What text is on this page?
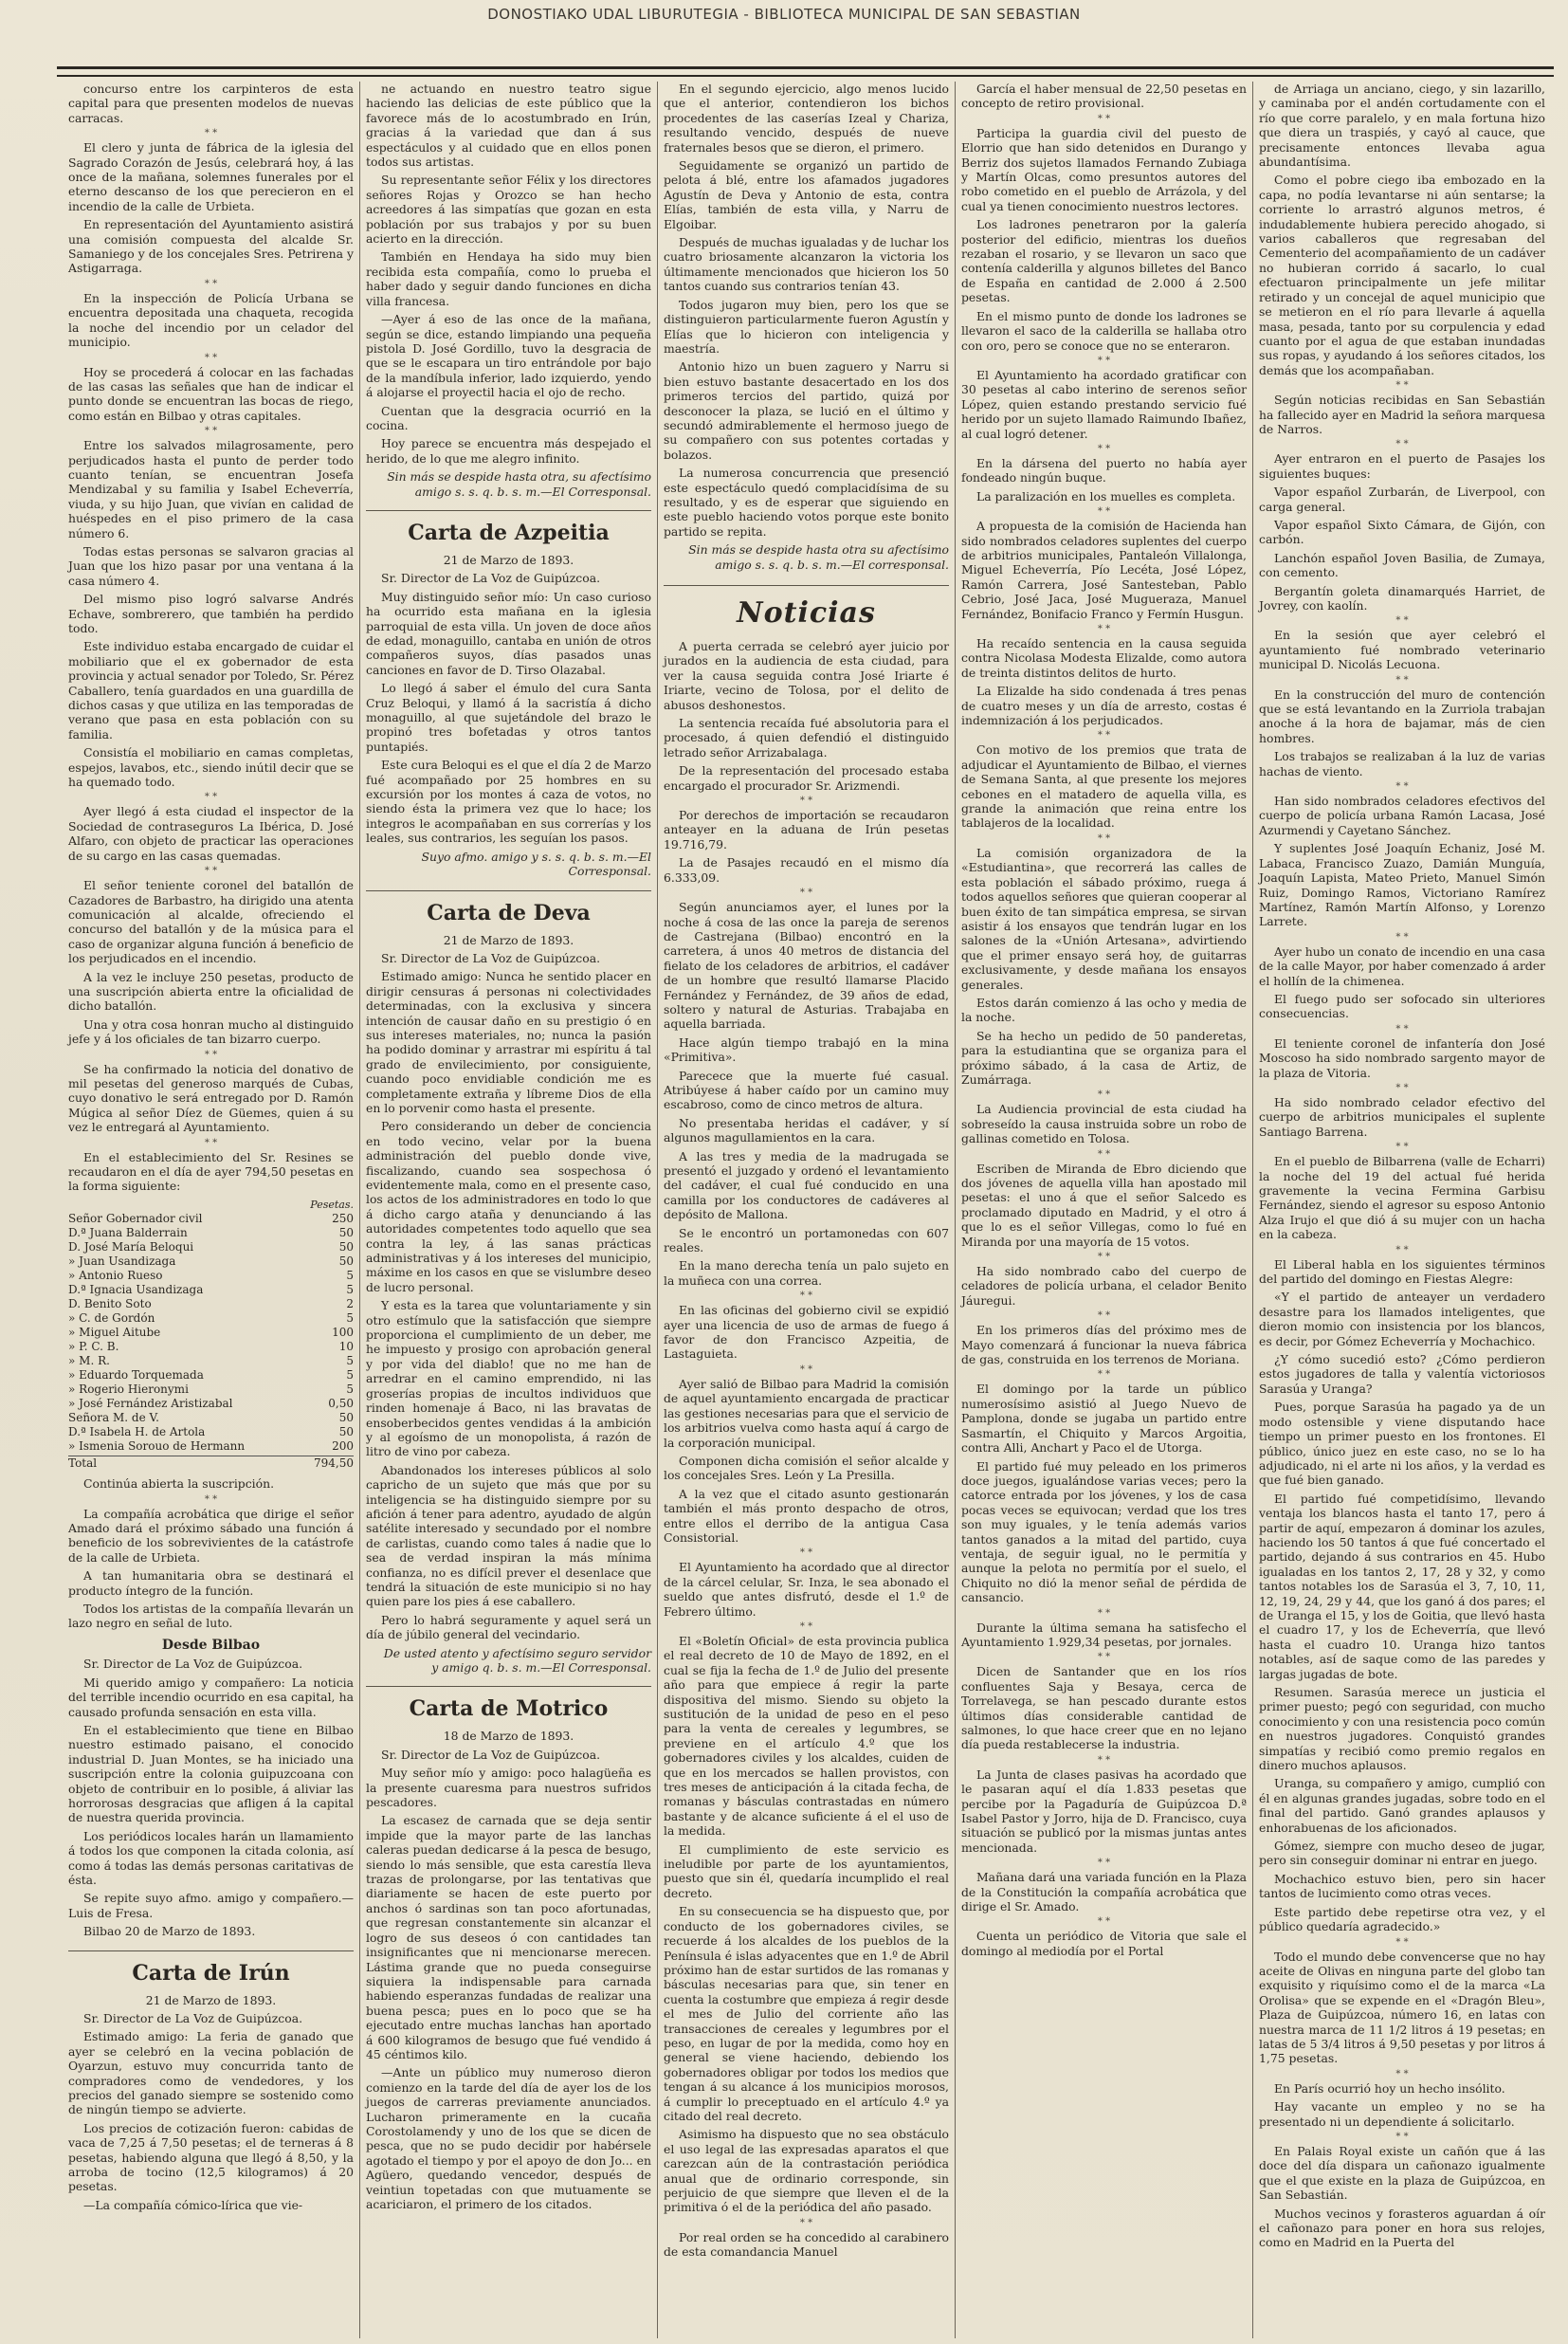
DONOSTIAKO UDAL LIBURUTEGIA - BIBLIOTECA MUNICIPAL DE SAN SEBASTIAN

concurso entre los carpinteros de esta capital para que presenten modelos de nuevas carracas.

* *

El clero y junta de fábrica de la iglesia del Sagrado Corazón de Jesús, celebrará hoy, á las once de la mañana, solemnes funerales por el eterno descanso de los que perecieron en el incendio de la calle de Urbieta.

En representación del Ayuntamiento asistirá una comisión compuesta del alcalde Sr. Samaniego y de los concejales Sres. Petrirena y Astigarraga.

* *

En la inspección de Policía Urbana se encuentra depositada una chaqueta, recogida la noche del incendio por un celador del municipio.

* *

Hoy se procederá á colocar en las fachadas de las casas las señales que han de indicar el punto donde se encuentran las bocas de riego, como están en Bilbao y otras capitales.

* *

Entre los salvados milagrosamente, pero perjudicados hasta el punto de perder todo cuanto tenían, se encuentran Josefa Mendizabal y su familia y Isabel Echeverría, viuda, y su hijo Juan, que vivían en calidad de huéspedes en el piso primero de la casa número 6.

Todas estas personas se salvaron gracias al Juan que los hizo pasar por una ventana á la casa número 4.

Del mismo piso logró salvarse Andrés Echave, sombrerero, que también ha perdido todo.

Este individuo estaba encargado de cuidar el mobiliario que el ex gobernador de esta provincia y actual senador por Toledo, Sr. Pérez Caballero, tenía guardados en una guardilla de dichos casas y que utiliza en las temporadas de verano que pasa en esta población con su familia.

Consistía el mobiliario en camas completas, espejos, lavabos, etc., siendo inútil decir que se ha quemado todo.

* *

Ayer llegó á esta ciudad el inspector de la Sociedad de contraseguros La Ibérica, D. José Alfaro, con objeto de practicar las operaciones de su cargo en las casas quemadas.

* *

El señor teniente coronel del batallón de Cazadores de Barbastro, ha dirigido una atenta comunicación al alcalde, ofreciendo el concurso del batallón y de la música para el caso de organizar alguna función á beneficio de los perjudicados en el incendio.

A la vez le incluye 250 pesetas, producto de una suscripción abierta entre la oficialidad de dicho batallón.

Una y otra cosa honran mucho al distinguido jefe y á los oficiales de tan bizarro cuerpo.

* *

Se ha confirmado la noticia del donativo de mil pesetas del generoso marqués de Cubas, cuyo donativo le será entregado por D. Ramón Múgica al señor Díez de Güemes, quien á su vez le entregará al Ayuntamiento.

* *

En el establecimiento del Sr. Resines se recaudaron en el día de ayer 794,50 pesetas en la forma siguiente:

Pesetas.
Señor Gobernador civil	250
D.ª Juana Balderrain	50
D. José María Beloqui	50
» Juan Usandizaga	50
» Antonio Rueso	5
D.ª Ignacia Usandizaga	5
D. Benito Soto	2
» C. de Gordón	5
» Miguel Aitube	100
» P. C. B.	10
» M. R.	5
» Eduardo Torquemada	5
» Rogerio Hieronymi	5
» José Fernández Aristizabal	0,50
Señora M. de V.	50
D.ª Isabela H. de Artola	50
» Ismenia Sorouo de Hermann	200
Total	794,50

Continúa abierta la suscripción.

* *

La compañía acrobática que dirige el señor Amado dará el próximo sábado una función á beneficio de los sobrevivientes de la catástrofe de la calle de Urbieta.

A tan humanitaria obra se destinará el producto íntegro de la función.

Todos los artistas de la compañía llevarán un lazo negro en señal de luto.

Desde Bilbao

Sr. Director de La Voz de Guipúzcoa.

Mi querido amigo y compañero: La noticia del terrible incendio ocurrido en esa capital, ha causado profunda sensación en esta villa.

En el establecimiento que tiene en Bilbao nuestro estimado paisano, el conocido industrial D. Juan Montes, se ha iniciado una suscripción entre la colonia guipuzcoana con objeto de contribuir en lo posible, á aliviar las horrorosas desgracias que afligen á la capital de nuestra querida provincia.

Los periódicos locales harán un llamamiento á todos los que componen la citada colonia, así como á todas las demás personas caritativas de ésta.

Se repite suyo afmo. amigo y compañero.—Luis de Fresa.

Bilbao 20 de Marzo de 1893.

Carta de Irún
21 de Marzo de 1893.

Sr. Director de La Voz de Guipúzcoa.

Estimado amigo: La feria de ganado que ayer se celebró en la vecina población de Oyarzun, estuvo muy concurrida tanto de compradores como de vendedores, y los precios del ganado siempre se sostenido como de ningún tiempo se advierte.

Los precios de cotización fueron: cabidas de vaca de 7,25 á 7,50 pesetas; el de terneras á 8 pesetas, habiendo alguna que llegó á 8,50, y la arroba de tocino (12,5 kilogramos) á 20 pesetas.

—La compañía cómico-lírica que vie-

ne actuando en nuestro teatro sigue haciendo las delicias de este público que la favorece más de lo acostumbrado en Irún, gracias á la variedad que dan á sus espectáculos y al cuidado que en ellos ponen todos sus artistas.

Su representante señor Félix y los directores señores Rojas y Orozco se han hecho acreedores á las simpatías que gozan en esta población por sus trabajos y por su buen acierto en la dirección.

También en Hendaya ha sido muy bien recibida esta compañía, como lo prueba el haber dado y seguir dando funciones en dicha villa francesa.

—Ayer á eso de las once de la mañana, según se dice, estando limpiando una pequeña pistola D. José Gordillo, tuvo la desgracia de que se le escapara un tiro entrándole por bajo de la mandíbula inferior, lado izquierdo, yendo á alojarse el proyectil hacia el ojo de recho.

Cuentan que la desgracia ocurrió en la cocina.

Hoy parece se encuentra más despejado el herido, de lo que me alegro infinito.

Sin más se despide hasta otra, su afectísimo amigo s. s. q. b. s. m.—El Corresponsal.

Carta de Azpeitia
21 de Marzo de 1893.

Sr. Director de La Voz de Guipúzcoa.

Muy distinguido señor mío: Un caso curioso ha ocurrido esta mañana en la iglesia parroquial de esta villa. Un joven de doce años de edad, monaguillo, cantaba en unión de otros compañeros suyos, días pasados unas canciones en favor de D. Tirso Olazabal.

Lo llegó á saber el émulo del cura Santa Cruz Beloqui, y llamó á la sacristía á dicho monaguillo, al que sujetándole del brazo le propinó tres bofetadas y otros tantos puntapiés.

Este cura Beloqui es el que el día 2 de Marzo fué acompañado por 25 hombres en su excursión por los montes á caza de votos, no siendo ésta la primera vez que lo hace; los integros le acompañaban en sus correrías y los leales, sus contrarios, les seguían los pasos.

Suyo afmo. amigo y s. s. q. b. s. m.—El Corresponsal.

Carta de Deva
21 de Marzo de 1893.

Sr. Director de La Voz de Guipúzcoa.

Estimado amigo: Nunca he sentido placer en dirigir censuras á personas ni colectividades determinadas, con la exclusiva y sincera intención de causar daño en su prestigio ó en sus intereses materiales, no; nunca la pasión ha podido dominar y arrastrar mi espíritu á tal grado de envilecimiento, por consiguiente, cuando poco envidiable condición me es completamente extraña y líbreme Dios de ella en lo porvenir como hasta el presente.

Pero considerando un deber de conciencia en todo vecino, velar por la buena administración del pueblo donde vive, fiscalizando, cuando sea sospechosa ó evidentemente mala, como en el presente caso, los actos de los administradores en todo lo que á dicho cargo ataña y denunciando á las autoridades competentes todo aquello que sea contra la ley, á las sanas prácticas administrativas y á los intereses del municipio, máxime en los casos en que se vislumbre deseo de lucro personal.

Y esta es la tarea que voluntariamente y sin otro estímulo que la satisfacción que siempre proporciona el cumplimiento de un deber, me he impuesto y prosigo con aprobación general y por vida del diablo! que no me han de arredrar en el camino emprendido, ni las groserías propias de incultos individuos que rinden homenaje á Baco, ni las bravatas de ensoberbecidos gentes vendidas á la ambición y al egoísmo de un monopolista, á razón de litro de vino por cabeza.

Abandonados los intereses públicos al solo capricho de un sujeto que más que por su inteligencia se ha distinguido siempre por su afición á tener para adentro, ayudado de algún satélite interesado y secundado por el nombre de carlistas, cuando como tales á nadie que lo sea de verdad inspiran la más mínima confianza, no es difícil prever el desenlace que tendrá la situación de este municipio si no hay quien pare los pies á ese caballero.

Pero lo habrá seguramente y aquel será un día de júbilo general del vecindario.

De usted atento y afectísimo seguro servidor y amigo q. b. s. m.—El Corresponsal.

Carta de Motrico
18 de Marzo de 1893.

Sr. Director de La Voz de Guipúzcoa.

Muy señor mío y amigo: poco halagüeña es la presente cuaresma para nuestros sufridos pescadores.

La escasez de carnada que se deja sentir impide que la mayor parte de las lanchas caleras puedan dedicarse á la pesca de besugo, siendo lo más sensible, que esta carestía lleva trazas de prolongarse, por las tentativas que diariamente se hacen de este puerto por anchos ó sardinas son tan poco afortunadas, que regresan constantemente sin alcanzar el logro de sus deseos ó con cantidades tan insignificantes que ni mencionarse merecen. Lástima grande que no pueda conseguirse siquiera la indispensable para carnada habiendo esperanzas fundadas de realizar una buena pesca; pues en lo poco que se ha ejecutado entre muchas lanchas han aportado á 600 kilogramos de besugo que fué vendido á 45 céntimos kilo.

—Ante un público muy numeroso dieron comienzo en la tarde del día de ayer los de los juegos de carreras previamente anunciados. Lucharon primeramente en la cucaña Corostolamendy y uno de los que se dicen de pesca, que no se pudo decidir por habérsele agotado el tiempo y por el apoyo de don Jo... en Agüero, quedando vencedor, después de veintiun topetadas con que mutuamente se acariciaron, el primero de los citados.

En el segundo ejercicio, algo menos lucido que el anterior, contendieron los bichos procedentes de las caserías Izeal y Chariza, resultando vencido, después de nueve fraternales besos que se dieron, el primero.

Seguidamente se organizó un partido de pelota á blé, entre los afamados jugadores Agustín de Deva y Antonio de esta, contra Elías, también de esta villa, y Narru de Elgoibar.

Después de muchas igualadas y de luchar los cuatro briosamente alcanzaron la victoria los últimamente mencionados que hicieron los 50 tantos cuando sus contrarios tenían 43.

Todos jugaron muy bien, pero los que se distinguieron particularmente fueron Agustín y Elías que lo hicieron con inteligencia y maestría.

Antonio hizo un buen zaguero y Narru si bien estuvo bastante desacertado en los dos primeros tercios del partido, quizá por desconocer la plaza, se lució en el último y secundó admirablemente el hermoso juego de su compañero con sus potentes cortadas y bolazos.

La numerosa concurrencia que presenció este espectáculo quedó complacidísima de su resultado, y es de esperar que siguiendo en este pueblo haciendo votos porque este bonito partido se repita.

Sin más se despide hasta otra su afectísimo amigo s. s. q. b. s. m.—El corresponsal.

Noticias

A puerta cerrada se celebró ayer juicio por jurados en la audiencia de esta ciudad, para ver la causa seguida contra José Iriarte é Iriarte, vecino de Tolosa, por el delito de abusos deshonestos.

La sentencia recaída fué absolutoria para el procesado, á quien defendió el distinguido letrado señor Arrizabalaga.

De la representación del procesado estaba encargado el procurador Sr. Arizmendi.

* *

Por derechos de importación se recaudaron anteayer en la aduana de Irún pesetas 19.716,79.

La de Pasajes recaudó en el mismo día 6.333,09.

* *

Según anunciamos ayer, el lunes por la noche á cosa de las once la pareja de serenos de Castrejana (Bilbao) encontró en la carretera, á unos 40 metros de distancia del fielato de los celadores de arbitrios, el cadáver de un hombre que resultó llamarse Placido Fernández y Fernández, de 39 años de edad, soltero y natural de Asturias. Trabajaba en aquella barriada.

Hace algún tiempo trabajó en la mina «Primitiva».

Parecece que la muerte fué casual. Atribúyese á haber caído por un camino muy escabroso, como de cinco metros de altura.

No presentaba heridas el cadáver, y sí algunos magullamientos en la cara.

A las tres y media de la madrugada se presentó el juzgado y ordenó el levantamiento del cadáver, el cual fué conducido en una camilla por los conductores de cadáveres al depósito de Mallona.

Se le encontró un portamonedas con 607 reales.

En la mano derecha tenía un palo sujeto en la muñeca con una correa.

* *

En las oficinas del gobierno civil se expidió ayer una licencia de uso de armas de fuego á favor de don Francisco Azpeitia, de Lastaguieta.

* *

Ayer salió de Bilbao para Madrid la comisión de aquel ayuntamiento encargada de practicar las gestiones necesarias para que el servicio de los arbitrios vuelva como hasta aquí á cargo de la corporación municipal.

Componen dicha comisión el señor alcalde y los concejales Sres. León y La Presilla.

A la vez que el citado asunto gestionarán también el más pronto despacho de otros, entre ellos el derribo de la antigua Casa Consistorial.

* *

El Ayuntamiento ha acordado que al director de la cárcel celular, Sr. Inza, le sea abonado el sueldo que antes disfrutó, desde el 1.º de Febrero último.

* *

El «Boletín Oficial» de esta provincia publica el real decreto de 10 de Mayo de 1892, en el cual se fija la fecha de 1.º de Julio del presente año para que empiece á regir la parte dispositiva del mismo. Siendo su objeto la sustitución de la unidad de peso en el peso para la venta de cereales y legumbres, se previene en el artículo 4.º que los gobernadores civiles y los alcaldes, cuiden de que en los mercados se hallen provistos, con tres meses de anticipación á la citada fecha, de romanas y básculas contrastadas en número bastante y de alcance suficiente á el el uso de la medida.

El cumplimiento de este servicio es ineludible por parte de los ayuntamientos, puesto que sin él, quedaría incumplido el real decreto.

En su consecuencia se ha dispuesto que, por conducto de los gobernadores civiles, se recuerde á los alcaldes de los pueblos de la Península é islas adyacentes que en 1.º de Abril próximo han de estar surtidos de las romanas y básculas necesarias para que, sin tener en cuenta la costumbre que empieza á regir desde el mes de Julio del corriente año las transacciones de cereales y legumbres por el peso, en lugar de por la medida, como hoy en general se viene haciendo, debiendo los gobernadores obligar por todos los medios que tengan á su alcance á los municipios morosos, á cumplir lo preceptuado en el artículo 4.º ya citado del real decreto.

Asimismo ha dispuesto que no sea obstáculo el uso legal de las expresadas aparatos el que carezcan aún de la contrastación periódica anual que de ordinario corresponde, sin perjuicio de que siempre que lleven el de la primitiva ó el de la periódica del año pasado.

* *

Por real orden se ha concedido al carabinero de esta comandancia Manuel

García el haber mensual de 22,50 pesetas en concepto de retiro provisional.

* *

Participa la guardia civil del puesto de Elorrio que han sido detenidos en Durango y Berriz dos sujetos llamados Fernando Zubiaga y Martín Olcas, como presuntos autores del robo cometido en el pueblo de Arrázola, y del cual ya tienen conocimiento nuestros lectores.

Los ladrones penetraron por la galería posterior del edificio, mientras los dueños rezaban el rosario, y se llevaron un saco que contenía calderilla y algunos billetes del Banco de España en cantidad de 2.000 á 2.500 pesetas.

En el mismo punto de donde los ladrones se llevaron el saco de la calderilla se hallaba otro con oro, pero se conoce que no se enteraron.

* *

El Ayuntamiento ha acordado gratificar con 30 pesetas al cabo interino de serenos señor López, quien estando prestando servicio fué herido por un sujeto llamado Raimundo Ibañez, al cual logró detener.

* *

En la dársena del puerto no había ayer fondeado ningún buque.

La paralización en los muelles es completa.

* *

A propuesta de la comisión de Hacienda han sido nombrados celadores suplentes del cuerpo de arbitrios municipales, Pantaleón Villalonga, Miguel Echeverría, Pío Lecéta, José López, Ramón Carrera, José Santesteban, Pablo Cebrio, José Jaca, José Mugueraza, Manuel Fernández, Bonifacio Franco y Fermín Husgun.

* *

Ha recaído sentencia en la causa seguida contra Nicolasa Modesta Elizalde, como autora de treinta distintos delitos de hurto.

La Elizalde ha sido condenada á tres penas de cuatro meses y un día de arresto, costas é indemnización á los perjudicados.

* *

Con motivo de los premios que trata de adjudicar el Ayuntamiento de Bilbao, el viernes de Semana Santa, al que presente los mejores cebones en el matadero de aquella villa, es grande la animación que reina entre los tablajeros de la localidad.

* *

La comisión organizadora de la «Estudiantina», que recorrerá las calles de esta población el sábado próximo, ruega á todos aquellos señores que quieran cooperar al buen éxito de tan simpática empresa, se sirvan asistir á los ensayos que tendrán lugar en los salones de la «Unión Artesana», advirtiendo que el primer ensayo será hoy, de guitarras exclusivamente, y desde mañana los ensayos generales.

Estos darán comienzo á las ocho y media de la noche.

Se ha hecho un pedido de 50 panderetas, para la estudiantina que se organiza para el próximo sábado, á la casa de Artiz, de Zumárraga.

* *

La Audiencia provincial de esta ciudad ha sobreseído la causa instruida sobre un robo de gallinas cometido en Tolosa.

* *

Escriben de Miranda de Ebro diciendo que dos jóvenes de aquella villa han apostado mil pesetas: el uno á que el señor Salcedo es proclamado diputado en Madrid, y el otro á que lo es el señor Villegas, como lo fué en Miranda por una mayoría de 15 votos.

* *

Ha sido nombrado cabo del cuerpo de celadores de policía urbana, el celador Benito Jáuregui.

* *

En los primeros días del próximo mes de Mayo comenzará á funcionar la nueva fábrica de gas, construida en los terrenos de Moriana.

* *

El domingo por la tarde un público numerosísimo asistió al Juego Nuevo de Pamplona, donde se jugaba un partido entre Sasmartín, el Chiquito y Marcos Argoitia, contra Alli, Anchart y Paco el de Utorga.

El partido fué muy peleado en los primeros doce juegos, igualándose varias veces; pero la catorce entrada por los jóvenes, y los de casa pocas veces se equivocan; verdad que los tres son muy iguales, y le tenía además varios tantos ganados a la mitad del partido, cuya ventaja, de seguir igual, no le permitía y aunque la pelota no permitía por el suelo, el Chiquito no dió la menor señal de pérdida de cansancio.

* *

Durante la última semana ha satisfecho el Ayuntamiento 1.929,34 pesetas, por jornales.

* *

Dicen de Santander que en los ríos confluentes Saja y Besaya, cerca de Torrelavega, se han pescado durante estos últimos días considerable cantidad de salmones, lo que hace creer que en no lejano día pueda restablecerse la industria.

* *

La Junta de clases pasivas ha acordado que le pasaran aquí el día 1.833 pesetas que percibe por la Pagaduría de Guipúzcoa D.ª Isabel Pastor y Jorro, hija de D. Francisco, cuya situación se publicó por la mismas juntas antes mencionada.

* *

Mañana dará una variada función en la Plaza de la Constitución la compañía acrobática que dirige el Sr. Amado.

* *

Cuenta un periódico de Vitoria que sale el domingo al mediodía por el Portal

de Arriaga un anciano, ciego, y sin lazarillo, y caminaba por el andén cortudamente con el río que corre paralelo, y en mala fortuna hizo que diera un traspiés, y cayó al cauce, que precisamente entonces llevaba agua abundantísima.

Como el pobre ciego iba embozado en la capa, no podía levantarse ni aún sentarse; la corriente lo arrastró algunos metros, é indudablemente hubiera perecido ahogado, si varios caballeros que regresaban del Cementerio del acompañamiento de un cadáver no hubieran corrido á sacarlo, lo cual efectuaron principalmente un jefe militar retirado y un concejal de aquel municipio que se metieron en el río para llevarle á aquella masa, pesada, tanto por su corpulencia y edad cuanto por el agua de que estaban inundadas sus ropas, y ayudando á los señores citados, los demás que los acompañaban.

* *

Según noticias recibidas en San Sebastián ha fallecido ayer en Madrid la señora marquesa de Narros.

* *

Ayer entraron en el puerto de Pasajes los siguientes buques:

Vapor español Zurbarán, de Liverpool, con carga general.

Vapor español Sixto Cámara, de Gijón, con carbón.

Lanchón español Joven Basilia, de Zumaya, con cemento.

Bergantín goleta dinamarqués Harriet, de Jovrey, con kaolín.

* *

En la sesión que ayer celebró el ayuntamiento fué nombrado veterinario municipal D. Nicolás Lecuona.

* *

En la construcción del muro de contención que se está levantando en la Zurriola trabajan anoche á la hora de bajamar, más de cien hombres.

Los trabajos se realizaban á la luz de varias hachas de viento.

* *

Han sido nombrados celadores efectivos del cuerpo de policía urbana Ramón Lacasa, José Azurmendi y Cayetano Sánchez.

Y suplentes José Joaquín Echaniz, José M. Labaca, Francisco Zuazo, Damián Munguía, Joaquín Lapista, Mateo Prieto, Manuel Simón Ruiz, Domingo Ramos, Victoriano Ramírez Martínez, Ramón Martín Alfonso, y Lorenzo Larrete.

* *

Ayer hubo un conato de incendio en una casa de la calle Mayor, por haber comenzado á arder el hollín de la chimenea.

El fuego pudo ser sofocado sin ulteriores consecuencias.

* *

El teniente coronel de infantería don José Moscoso ha sido nombrado sargento mayor de la plaza de Vitoria.

* *

Ha sido nombrado celador efectivo del cuerpo de arbitrios municipales el suplente Santiago Barrena.

* *

En el pueblo de Bilbarrena (valle de Echarri) la noche del 19 del actual fué herida gravemente la vecina Fermina Garbisu Fernández, siendo el agresor su esposo Antonio Alza Irujo el que dió á su mujer con un hacha en la cabeza.

* *

El Liberal habla en los siguientes términos del partido del domingo en Fiestas Alegre:

«Y el partido de anteayer un verdadero desastre para los llamados inteligentes, que dieron momio con insistencia por los blancos, es decir, por Gómez Echeverría y Mochachico.

¿Y cómo sucedió esto? ¿Cómo perdieron estos jugadores de talla y valentía victoriosos Sarasúa y Uranga?

Pues, porque Sarasúa ha pagado ya de un modo ostensible y viene disputando hace tiempo un primer puesto en los frontones. El público, único juez en este caso, no se lo ha adjudicado, ni el arte ni los años, y la verdad es que fué bien ganado.

El partido fué competidísimo, llevando ventaja los blancos hasta el tanto 17, pero á partir de aquí, empezaron á dominar los azules, haciendo los 50 tantos á que fué concertado el partido, dejando á sus contrarios en 45. Hubo igualadas en los tantos 2, 17, 28 y 32, y como tantos notables los de Sarasúa el 3, 7, 10, 11, 12, 19, 24, 29 y 44, que los ganó á dos pares; el de Uranga el 15, y los de Goitia, que llevó hasta el cuadro 17, y los de Echeverría, que llevó hasta el cuadro 10. Uranga hizo tantos notables, así de saque como de las paredes y largas jugadas de bote.

Resumen. Sarasúa merece un justicia el primer puesto; pegó con seguridad, con mucho conocimiento y con una resistencia poco común en nuestros jugadores. Conquistó grandes simpatías y recibió como premio regalos en dinero muchos aplausos.

Uranga, su compañero y amigo, cumplió con él en algunas grandes jugadas, sobre todo en el final del partido. Ganó grandes aplausos y enhorabuenas de los aficionados.

Gómez, siempre con mucho deseo de jugar, pero sin conseguir dominar ni entrar en juego.

Mochachico estuvo bien, pero sin hacer tantos de lucimiento como otras veces.

Este partido debe repetirse otra vez, y el público quedaría agradecido.»

* *

Todo el mundo debe convencerse que no hay aceite de Olivas en ninguna parte del globo tan exquisito y riquísimo como el de la marca «La Orolisa» que se expende en el «Dragón Bleu», Plaza de Guipúzcoa, número 16, en latas con nuestra marca de 11 1/2 litros á 19 pesetas; en latas de 5 3/4 litros á 9,50 pesetas y por litros á 1,75 pesetas.

* *

En París ocurrió hoy un hecho insólito.

Hay vacante un empleo y no se ha presentado ni un dependiente á solicitarlo.

* *

En Palais Royal existe un cañón que á las doce del día dispara un cañonazo igualmente que el que existe en la plaza de Guipúzcoa, en San Sebastián.

Muchos vecinos y forasteros aguardan á oír el cañonazo para poner en hora sus relojes, como en Madrid en la Puerta del
